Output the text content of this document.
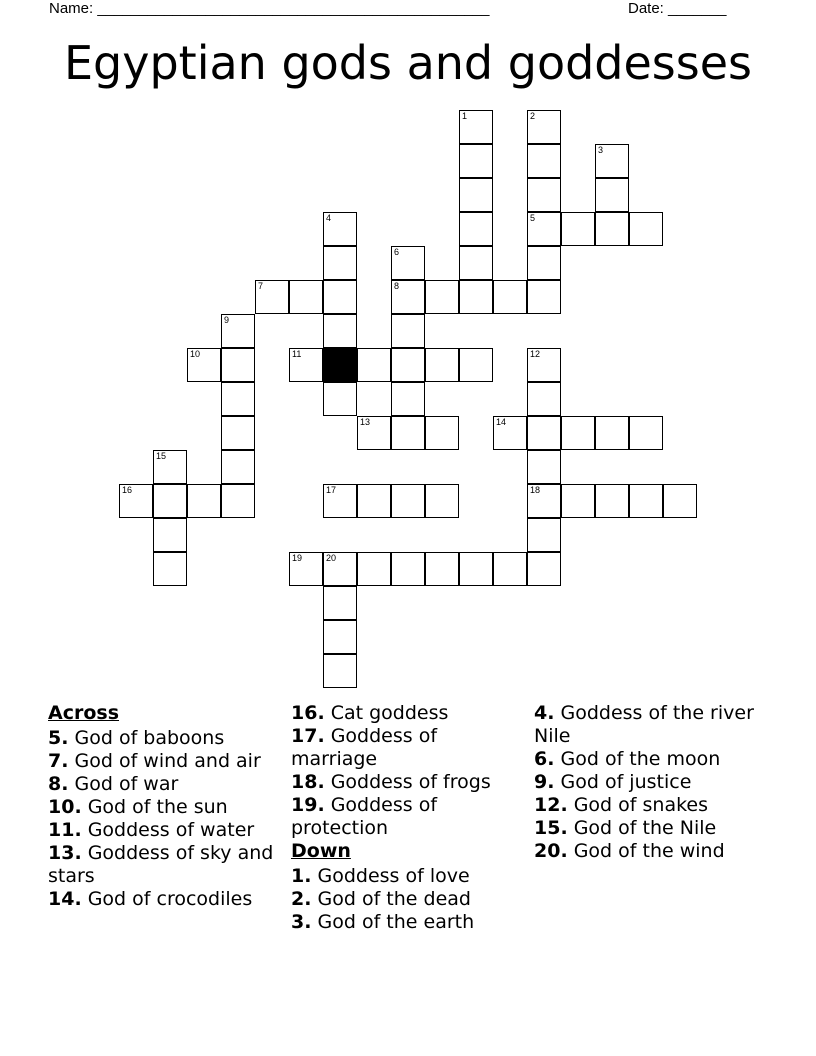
Name: _______________________________________________	Date: _______
Egyptian gods and goddesses
1	2
3
4	5
6
7	8
9
10	11	12
13	14
15
16	17	18
19	20
Across
5. God of baboons
7. God of wind and air
8. God of war
10. God of the sun
11. Goddess of water
13. Goddess of sky and stars
14. God of crocodiles
16. Cat goddess
17. Goddess of marriage
18. Goddess of frogs
19. Goddess of protection
Down
1. Goddess of love
2. God of the dead
3. God of the earth
4. Goddess of the river Nile
6. God of the moon
9. God of justice
12. God of snakes
15. God of the Nile
20. God of the wind
